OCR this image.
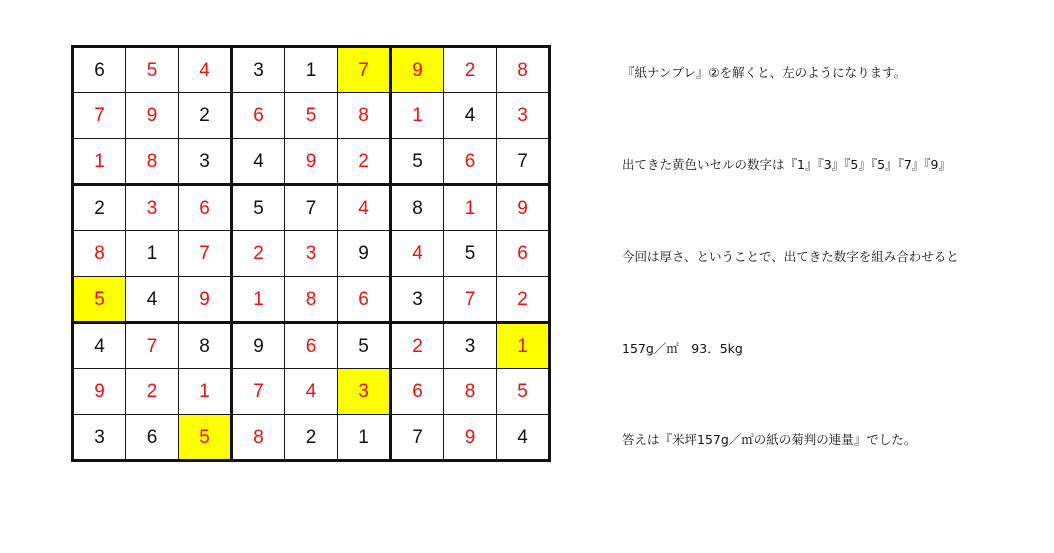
6	5	4	3	1	7	9	2	8
7	9	2	6	5	8	1	4	3
1	8	3	4	9	2	5	6	7
2	3	6	5	7	4	8	1	9
8	1	7	2	3	9	4	5	6
5	4	9	1	8	6	3	7	2
4	7	8	9	6	5	2	3	1
9	2	1	7	4	3	6	8	5
3	6	5	8	2	1	7	9	4

『紙ナンプレ』②を解くと、左のようになります。

出てきた黄色いセルの数字は『1』『3』『5』『5』『7』『9』

今回は厚さ、ということで、出てきた数字を組み合わせると

157g／㎡　93．5kg

答えは『米坪157g／㎡の紙の菊判の連量』でした。
